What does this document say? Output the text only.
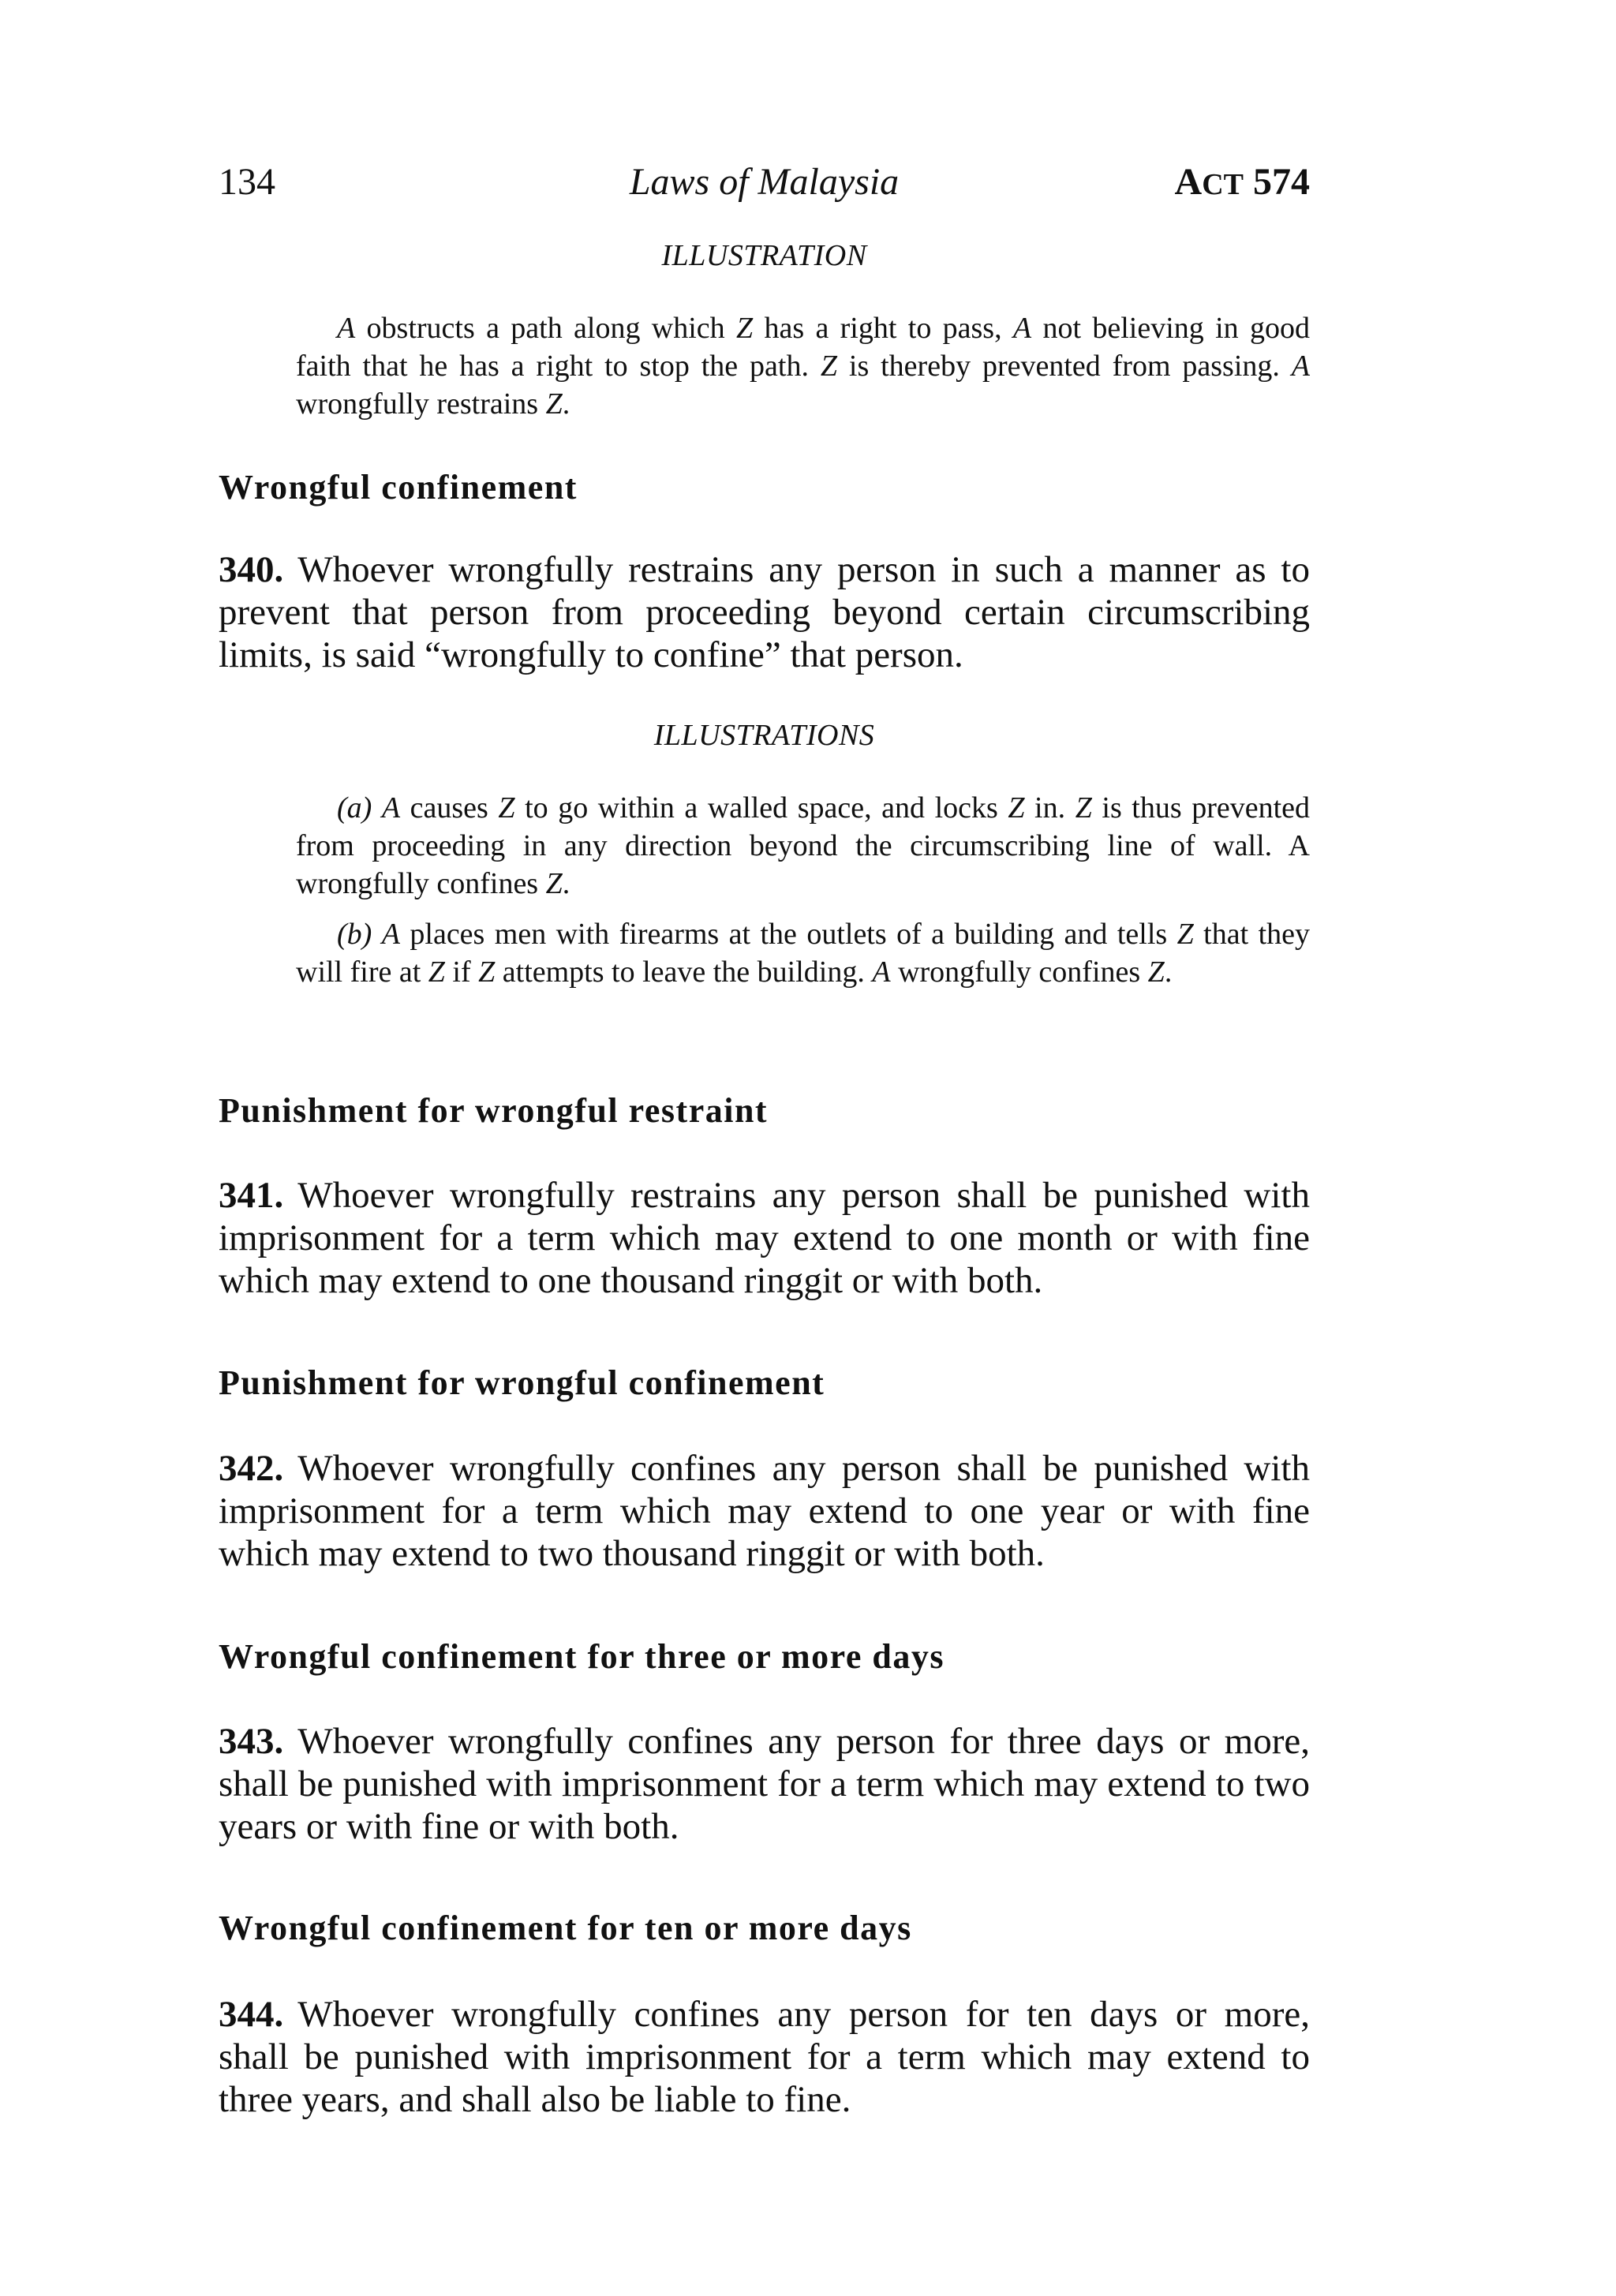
134	Laws of Malaysia	ACT 574
ILLUSTRATION
A obstructs a path along which Z has a right to pass, A not believing in good faith that he has a right to stop the path. Z is thereby prevented from passing. A wrongfully restrains Z.
Wrongful confinement
340. Whoever wrongfully restrains any person in such a manner as to prevent that person from proceeding beyond certain circumscribing limits, is said “wrongfully to confine” that person.
ILLUSTRATIONS
(a) A causes Z to go within a walled space, and locks Z in. Z is thus prevented from proceeding in any direction beyond the circumscribing line of wall. A wrongfully confines Z.
(b) A places men with firearms at the outlets of a building and tells Z that they will fire at Z if Z attempts to leave the building. A wrongfully confines Z.
Punishment for wrongful restraint
341. Whoever wrongfully restrains any person shall be punished with imprisonment for a term which may extend to one month or with fine which may extend to one thousand ringgit or with both.
Punishment for wrongful confinement
342. Whoever wrongfully confines any person shall be punished with imprisonment for a term which may extend to one year or with fine which may extend to two thousand ringgit or with both.
Wrongful confinement for three or more days
343. Whoever wrongfully confines any person for three days or more, shall be punished with imprisonment for a term which may extend to two years or with fine or with both.
Wrongful confinement for ten or more days
344. Whoever wrongfully confines any person for ten days or more, shall be punished with imprisonment for a term which may extend to three years, and shall also be liable to fine.
